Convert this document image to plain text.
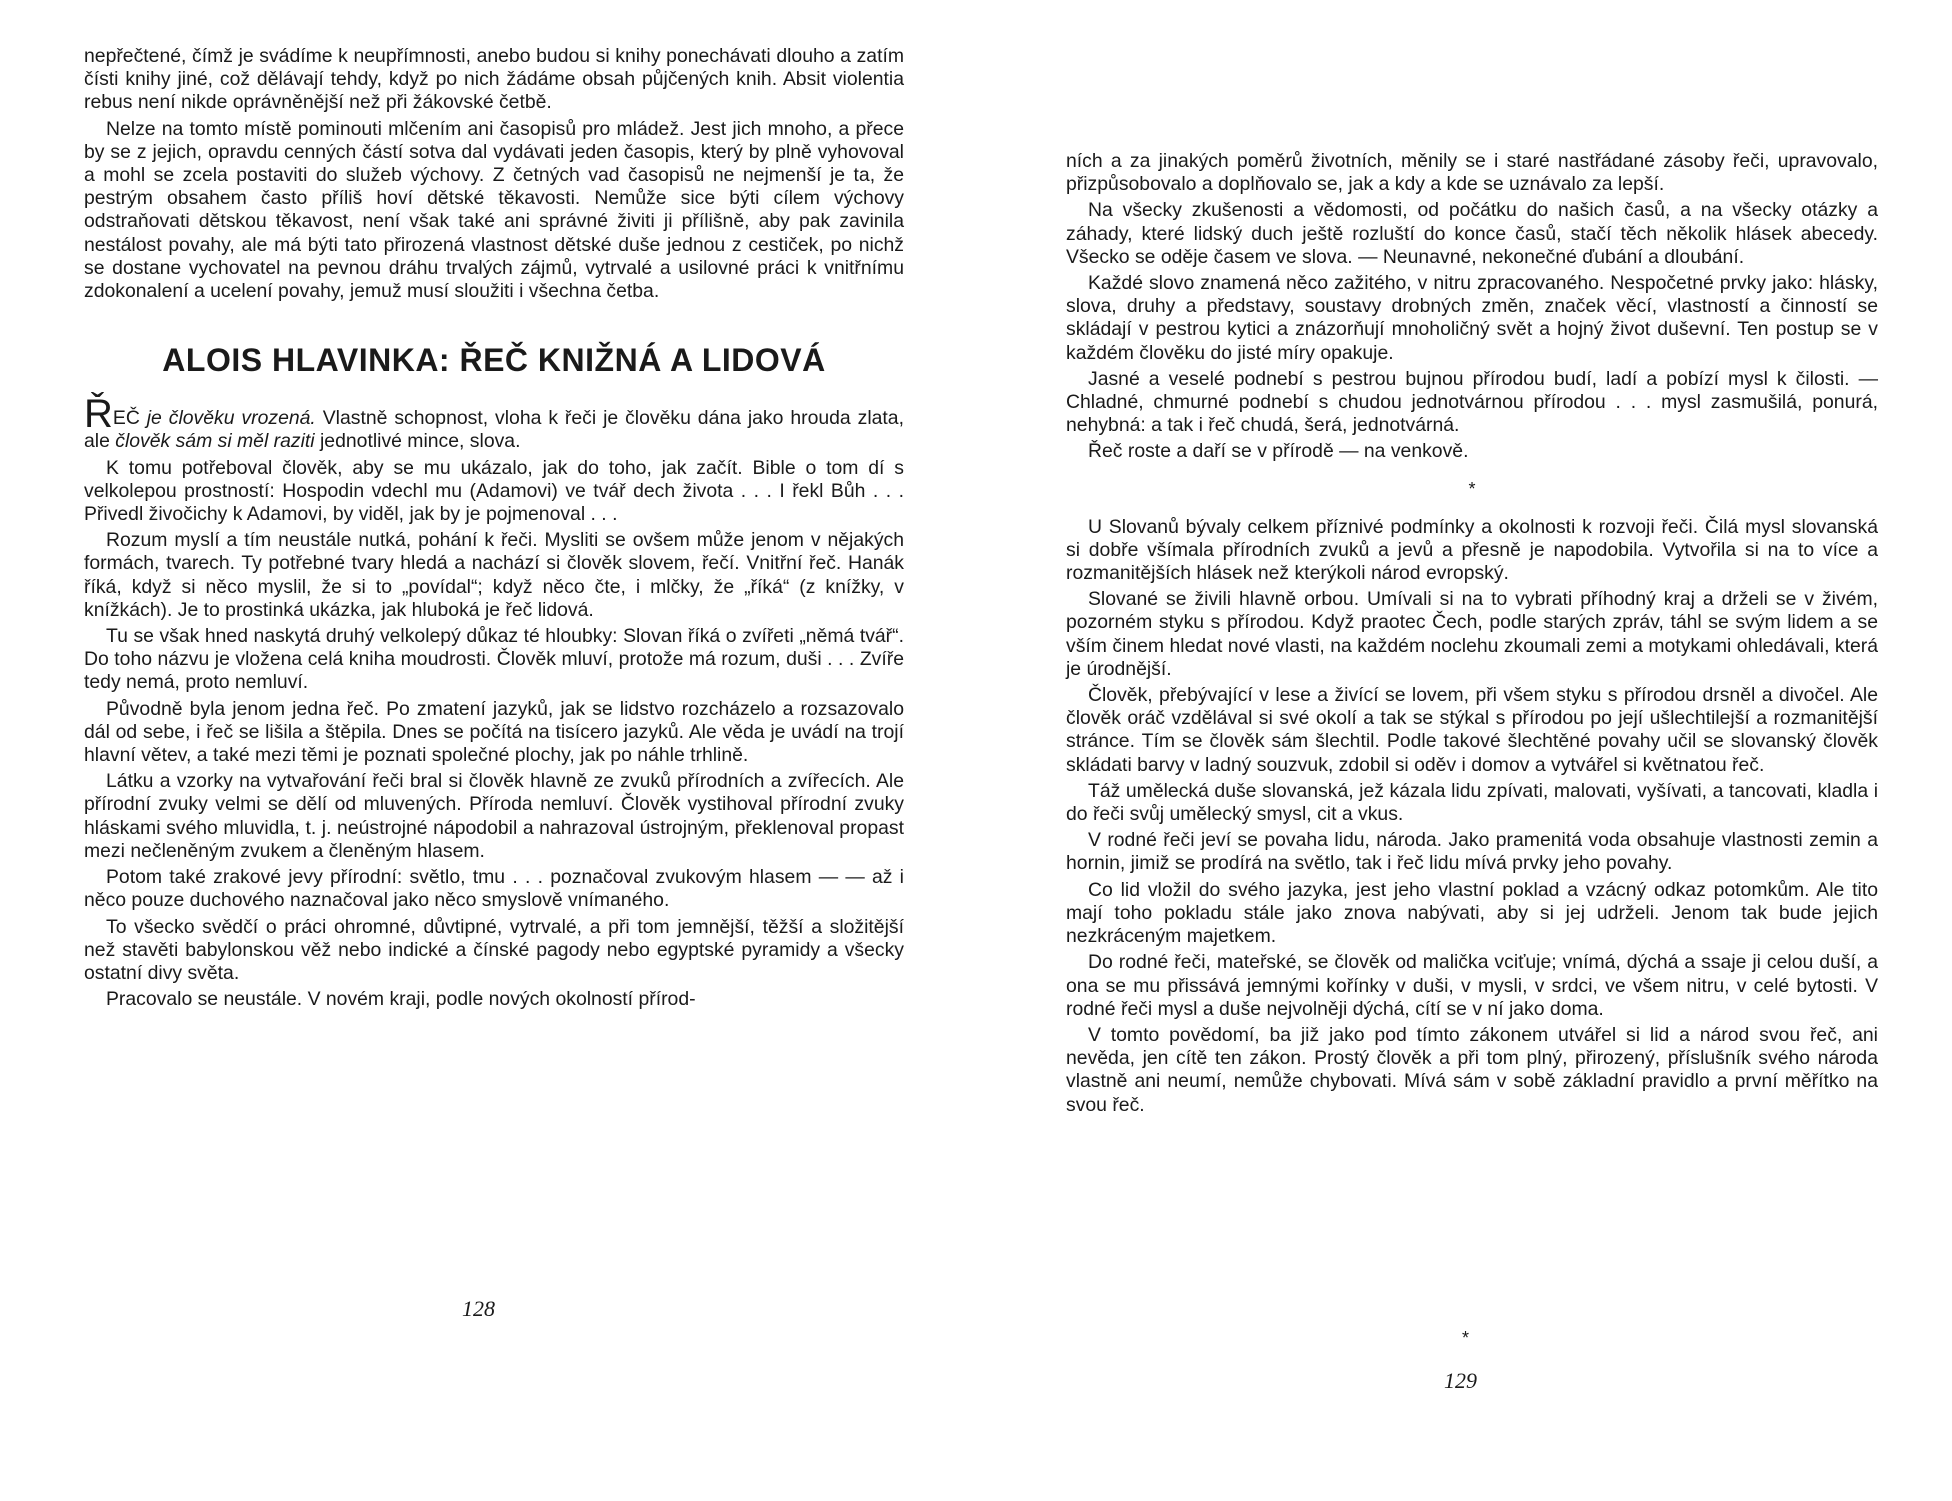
nepřečtené, čímž je svádíme k neupřímnosti, anebo budou si knihy ponechávati dlouho a zatím čísti knihy jiné, což dělávají tehdy, když po nich žádáme obsah půjčených knih. Absit violentia rebus není nikde oprávněnější než při žákovské četbě.

Nelze na tomto místě pominouti mlčením ani časopisů pro mládež. Jest jich mnoho, a přece by se z jejich, opravdu cenných částí sotva dal vydávati jeden časopis, který by plně vyhovoval a mohl se zcela postaviti do služeb výchovy. Z četných vad časopisů ne nejmenší je ta, že pestrým obsahem často příliš hoví dětské těkavosti. Nemůže sice býti cílem výchovy odstraňovati dětskou těkavost, není však také ani správné živiti ji přílišně, aby pak zavinila nestálost povahy, ale má býti tato přirozená vlastnost dětské duše jednou z cestiček, po nichž se dostane vychovatel na pevnou dráhu trvalých zájmů, vytrvalé a usilovné práci k vnitřnímu zdokonalení a ucelení povahy, jemuž musí sloužiti i všechna četba.

ALOIS HLAVINKA: ŘEČ KNIŽNÁ A LIDOVÁ

ŘEČ je člověku vrozená. Vlastně schopnost, vloha k řeči je člověku dána jako hrouda zlata, ale člověk sám si měl raziti jednotlivé mince, slova.

K tomu potřeboval člověk, aby se mu ukázalo, jak do toho, jak začít. Bible o tom dí s velkolepou prostností: Hospodin vdechl mu (Adamovi) ve tvář dech života . . . I řekl Bůh . . . Přivedl živočichy k Adamovi, by viděl, jak by je pojmenoval . . .

Rozum myslí a tím neustále nutká, pohání k řeči. Mysliti se ovšem může jenom v nějakých formách, tvarech. Ty potřebné tvary hledá a nachází si člověk slovem, řečí. Vnitřní řeč. Hanák říká, když si něco myslil, že si to „povídal“; když něco čte, i mlčky, že „říká“ (z knížky, v knížkách). Je to prostinká ukázka, jak hluboká je řeč lidová.

Tu se však hned naskytá druhý velkolepý důkaz té hloubky: Slovan říká o zvířeti „němá tvář“. Do toho názvu je vložena celá kniha moudrosti. Člověk mluví, protože má rozum, duši . . . Zvíře tedy nemá, proto nemluví.

Původně byla jenom jedna řeč. Po zmatení jazyků, jak se lidstvo rozcházelo a rozsazovalo dál od sebe, i řeč se lišila a štěpila. Dnes se počítá na tisícero jazyků. Ale věda je uvádí na trojí hlavní větev, a také mezi těmi je poznati společné plochy, jak po náhle trhlině.

Látku a vzorky na vytvařování řeči bral si člověk hlavně ze zvuků přírodních a zvířecích. Ale přírodní zvuky velmi se dělí od mluvených. Příroda nemluví. Člověk vystihoval přírodní zvuky hláskami svého mluvidla, t. j. neústrojné nápodobil a nahrazoval ústrojným, překlenoval propast mezi nečleněným zvukem a členěným hlasem.

Potom také zrakové jevy přírodní: světlo, tmu . . . poznačoval zvukovým hlasem — — až i něco pouze duchového naznačoval jako něco smyslově vnímaného.

To všecko svědčí o práci ohromné, důvtipné, vytrvalé, a při tom jemnější, těžší a složitější než stavěti babylonskou věž nebo indické a čínské pagody nebo egyptské pyramidy a všecky ostatní divy světa.

Pracovalo se neustále. V novém kraji, podle nových okolností přírod-

128

ních a za jinakých poměrů životních, měnily se i staré nastřádané zásoby řeči, upravovalo, přizpůsobovalo a doplňovalo se, jak a kdy a kde se uznávalo za lepší.

Na všecky zkušenosti a vědomosti, od počátku do našich časů, a na všecky otázky a záhady, které lidský duch ještě rozluští do konce časů, stačí těch několik hlásek abecedy. Všecko se oděje časem ve slova. — Neunavné, nekonečné ďubání a dloubání.

Každé slovo znamená něco zažitého, v nitru zpracovaného. Nespočetné prvky jako: hlásky, slova, druhy a představy, soustavy drobných změn, značek věcí, vlastností a činností se skládají v pestrou kytici a znázorňují mnoholičný svět a hojný život duševní. Ten postup se v každém člověku do jisté míry opakuje.

Jasné a veselé podnebí s pestrou bujnou přírodou budí, ladí a pobízí mysl k čilosti. — Chladné, chmurné podnebí s chudou jednotvárnou přírodou . . . mysl zasmušilá, ponurá, nehybná: a tak i řeč chudá, šerá, jednotvárná.

Řeč roste a daří se v přírodě — na venkově.

*

U Slovanů bývaly celkem příznivé podmínky a okolnosti k rozvoji řeči. Čilá mysl slovanská si dobře všímala přírodních zvuků a jevů a přesně je napodobila. Vytvořila si na to více a rozmanitějších hlásek než kterýkoli národ evropský.

Slované se živili hlavně orbou. Umívali si na to vybrati příhodný kraj a drželi se v živém, pozorném styku s přírodou. Když praotec Čech, podle starých zpráv, táhl se svým lidem a se vším činem hledat nové vlasti, na každém noclehu zkoumali zemi a motykami ohledávali, která je úrodnější.

Člověk, přebývající v lese a živící se lovem, při všem styku s přírodou drsněl a divočel. Ale člověk oráč vzdělával si své okolí a tak se stýkal s přírodou po její ušlechtilejší a rozmanitější stránce. Tím se člověk sám šlechtil. Podle takové šlechtěné povahy učil se slovanský člověk skládati barvy v ladný souzvuk, zdobil si oděv i domov a vytvářel si květnatou řeč.

Táž umělecká duše slovanská, jež kázala lidu zpívati, malovati, vyšívati, a tancovati, kladla i do řeči svůj umělecký smysl, cit a vkus.

V rodné řeči jeví se povaha lidu, národa. Jako pramenitá voda obsahuje vlastnosti zemin a hornin, jimiž se prodírá na světlo, tak i řeč lidu mívá prvky jeho povahy.

Co lid vložil do svého jazyka, jest jeho vlastní poklad a vzácný odkaz potomkům. Ale tito mají toho pokladu stále jako znova nabývati, aby si jej udrželi. Jenom tak bude jejich nezkráceným majetkem.

Do rodné řeči, mateřské, se člověk od malička vciťuje; vnímá, dýchá a ssaje ji celou duší, a ona se mu přissává jemnými kořínky v duši, v mysli, v srdci, ve všem nitru, v celé bytosti. V rodné řeči mysl a duše nejvolněji dýchá, cítí se v ní jako doma.

V tomto povědomí, ba již jako pod tímto zákonem utvářel si lid a národ svou řeč, ani nevěda, jen cítě ten zákon. Prostý člověk a při tom plný, přirozený, příslušník svého národa vlastně ani neumí, nemůže chybovati. Mívá sám v sobě základní pravidlo a první měřítko na svou řeč.

*
129
